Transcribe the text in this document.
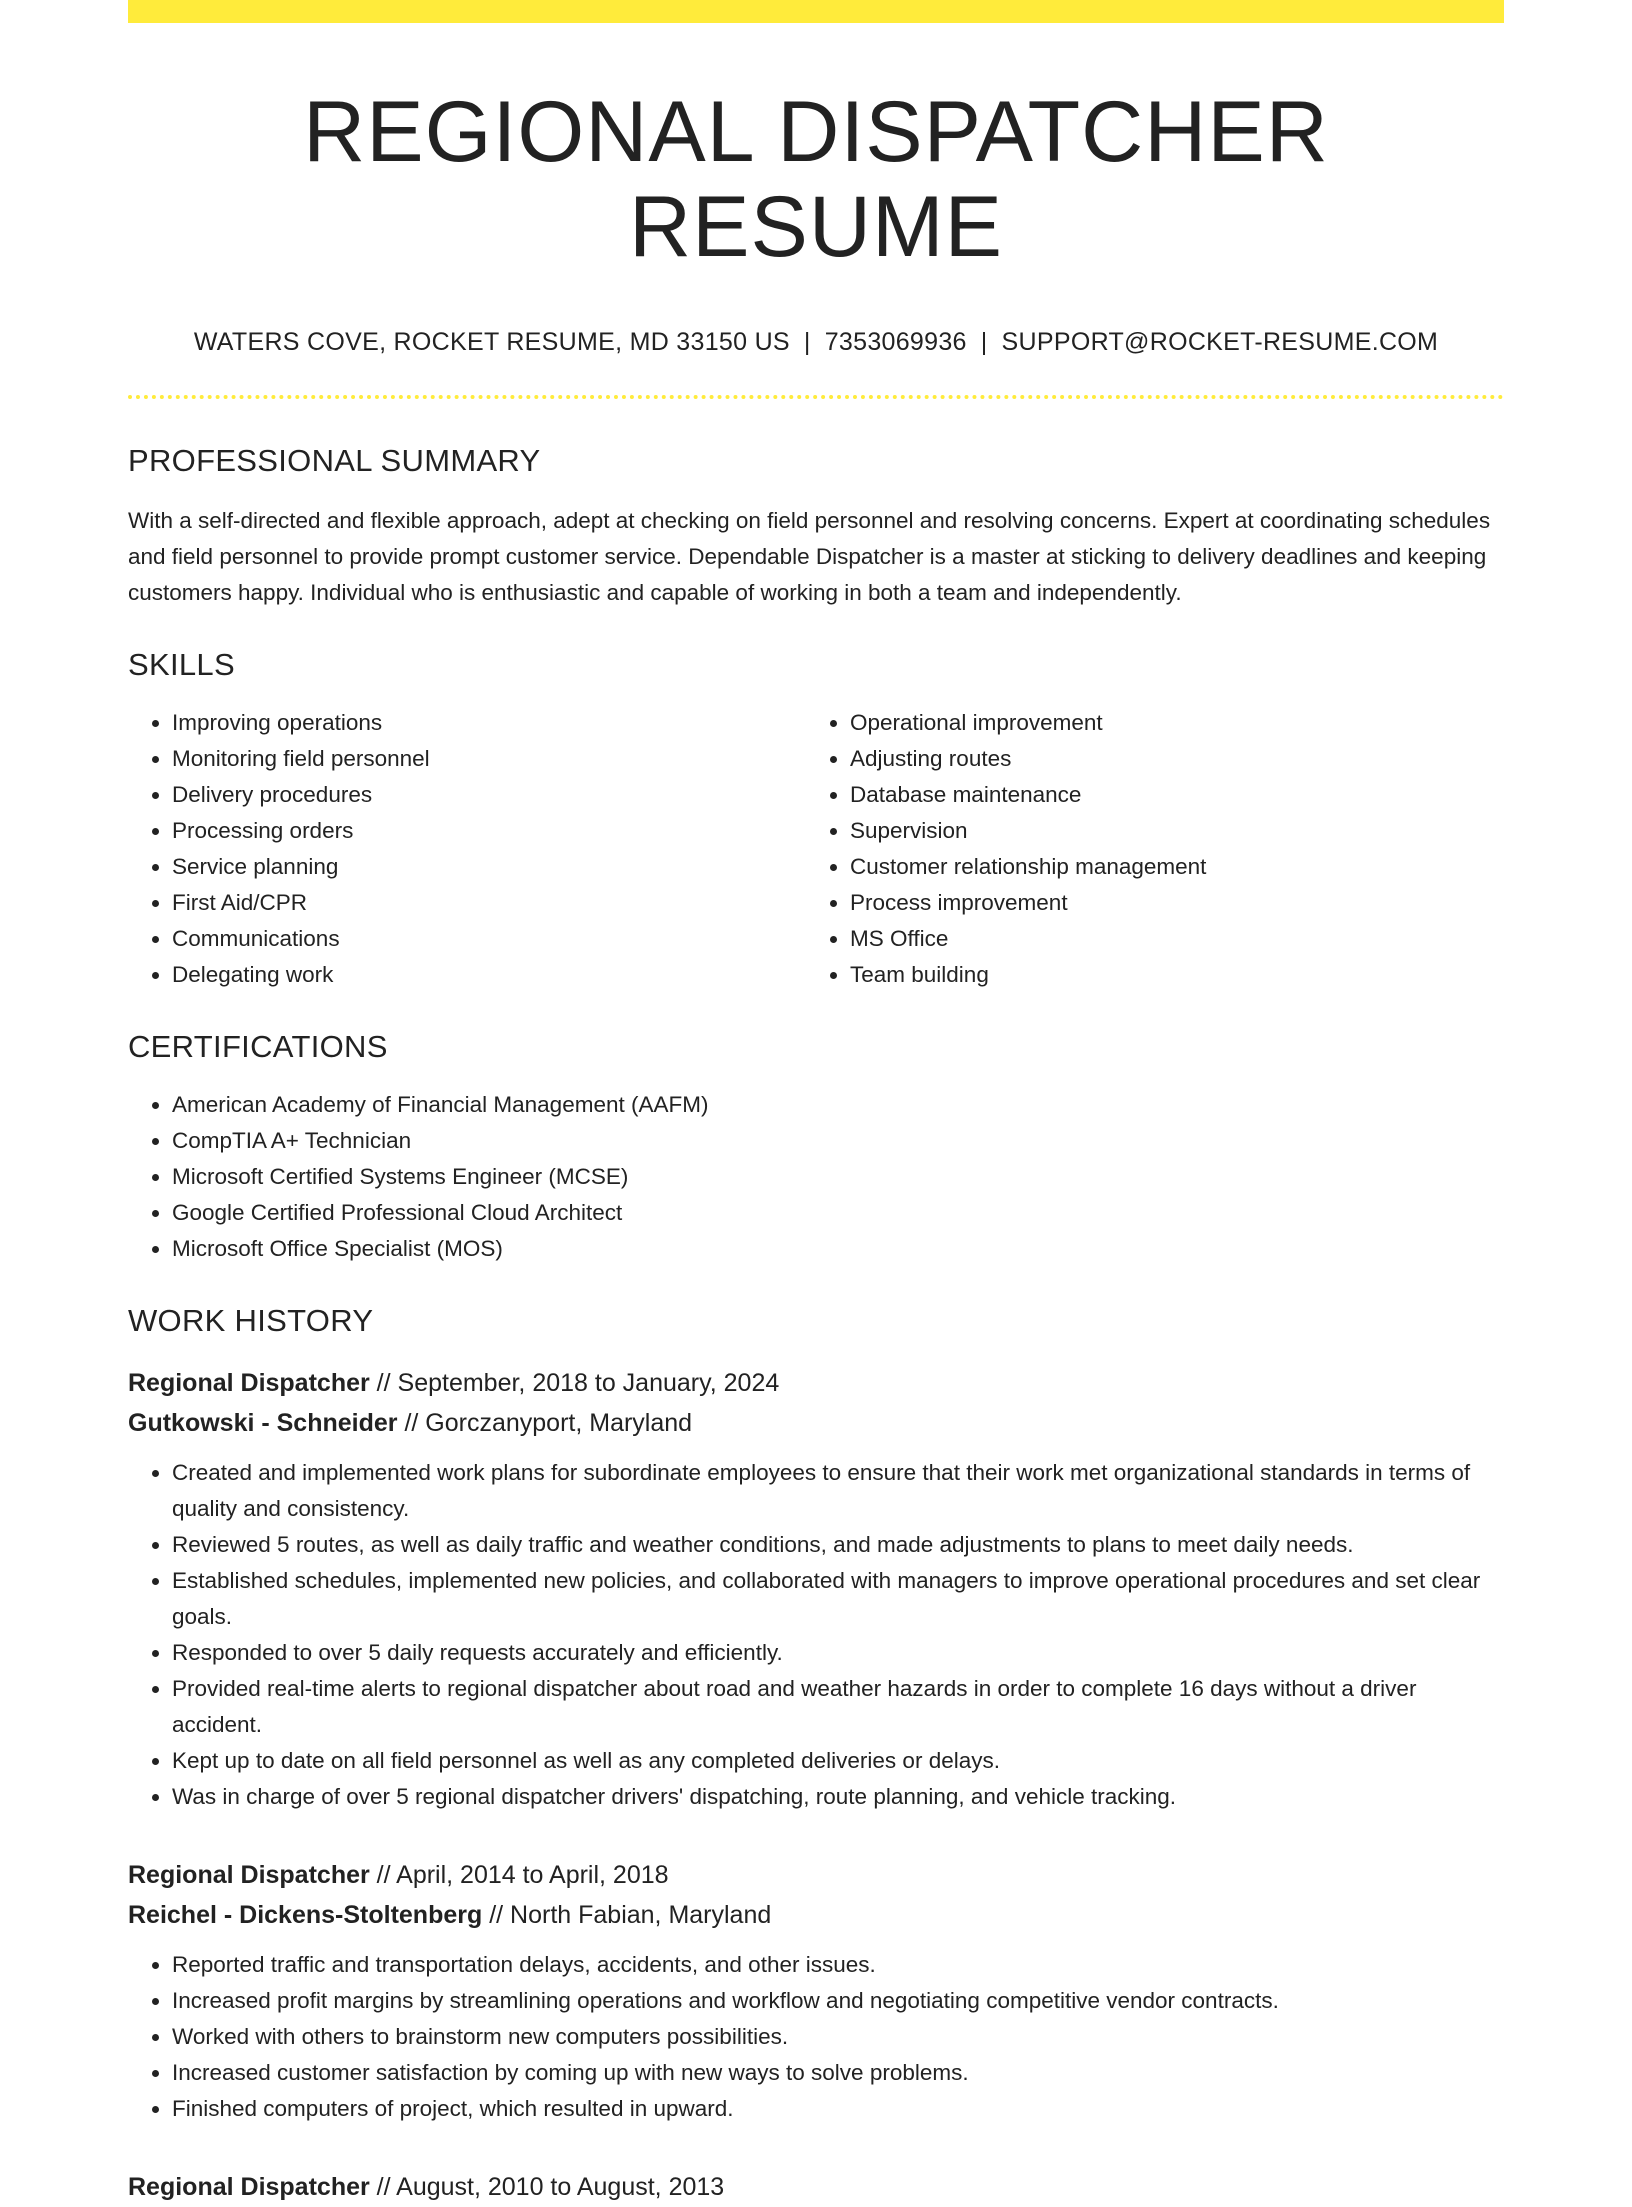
REGIONAL DISPATCHER RESUME
WATERS COVE, ROCKET RESUME, MD 33150 US | 7353069936 | SUPPORT@ROCKET-RESUME.COM
PROFESSIONAL SUMMARY

With a self-directed and flexible approach, adept at checking on field personnel and resolving concerns. Expert at coordinating schedules and field personnel to provide prompt customer service. Dependable Dispatcher is a master at sticking to delivery deadlines and keeping customers happy. Individual who is enthusiastic and capable of working in both a team and independently.

SKILLS
• Improving operations
• Monitoring field personnel
• Delivery procedures
• Processing orders
• Service planning
• First Aid/CPR
• Communications
• Delegating work
• Operational improvement
• Adjusting routes
• Database maintenance
• Supervision
• Customer relationship management
• Process improvement
• MS Office
• Team building
CERTIFICATIONS
• American Academy of Financial Management (AAFM)
• CompTIA A+ Technician
• Microsoft Certified Systems Engineer (MCSE)
• Google Certified Professional Cloud Architect
• Microsoft Office Specialist (MOS)
WORK HISTORY
Regional Dispatcher // September, 2018 to January, 2024
Gutkowski - Schneider // Gorczanyport, Maryland
• Created and implemented work plans for subordinate employees to ensure that their work met organizational standards in terms of quality and consistency.
• Reviewed 5 routes, as well as daily traffic and weather conditions, and made adjustments to plans to meet daily needs.
• Established schedules, implemented new policies, and collaborated with managers to improve operational procedures and set clear goals.
• Responded to over 5 daily requests accurately and efficiently.
• Provided real-time alerts to regional dispatcher about road and weather hazards in order to complete 16 days without a driver accident.
• Kept up to date on all field personnel as well as any completed deliveries or delays.
• Was in charge of over 5 regional dispatcher drivers' dispatching, route planning, and vehicle tracking.
Regional Dispatcher // April, 2014 to April, 2018
Reichel - Dickens-Stoltenberg // North Fabian, Maryland
• Reported traffic and transportation delays, accidents, and other issues.
• Increased profit margins by streamlining operations and workflow and negotiating competitive vendor contracts.
• Worked with others to brainstorm new computers possibilities.
• Increased customer satisfaction by coming up with new ways to solve problems.
• Finished computers of project, which resulted in upward.
Regional Dispatcher // August, 2010 to August, 2013
